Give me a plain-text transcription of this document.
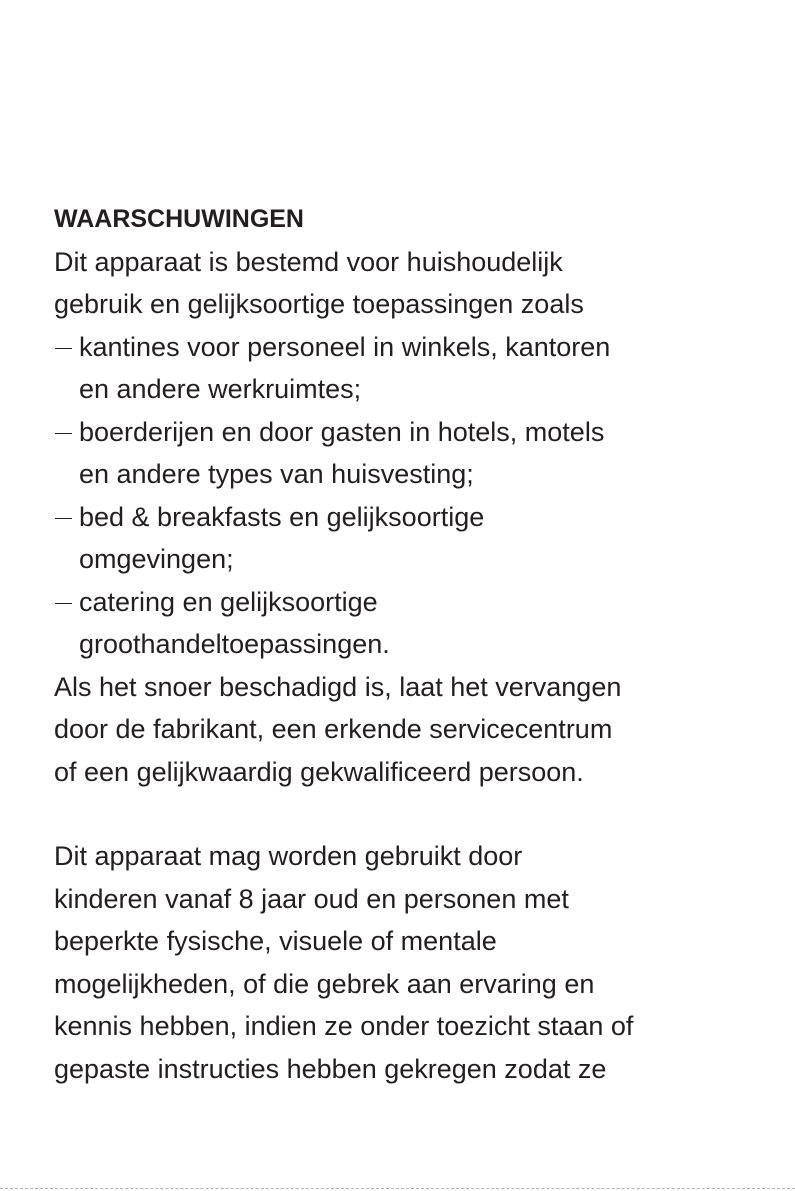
WAARSCHUWINGEN
Dit apparaat is bestemd voor huishoudelijk
gebruik en gelijksoortige toepassingen zoals
kantines voor personeel in winkels, kantoren
en andere werkruimtes;
boerderijen en door gasten in hotels, motels
en andere types van huisvesting;
bed & breakfasts en gelijksoortige
omgevingen;
catering en gelijksoortige
groothandeltoepassingen.
Als het snoer beschadigd is, laat het vervangen
door de fabrikant, een erkende servicecentrum
of een gelijkwaardig gekwalificeerd persoon.
Dit apparaat mag worden gebruikt door
kinderen vanaf 8 jaar oud en personen met
beperkte fysische, visuele of mentale
mogelijkheden, of die gebrek aan ervaring en
kennis hebben, indien ze onder toezicht staan of
gepaste instructies hebben gekregen zodat ze
